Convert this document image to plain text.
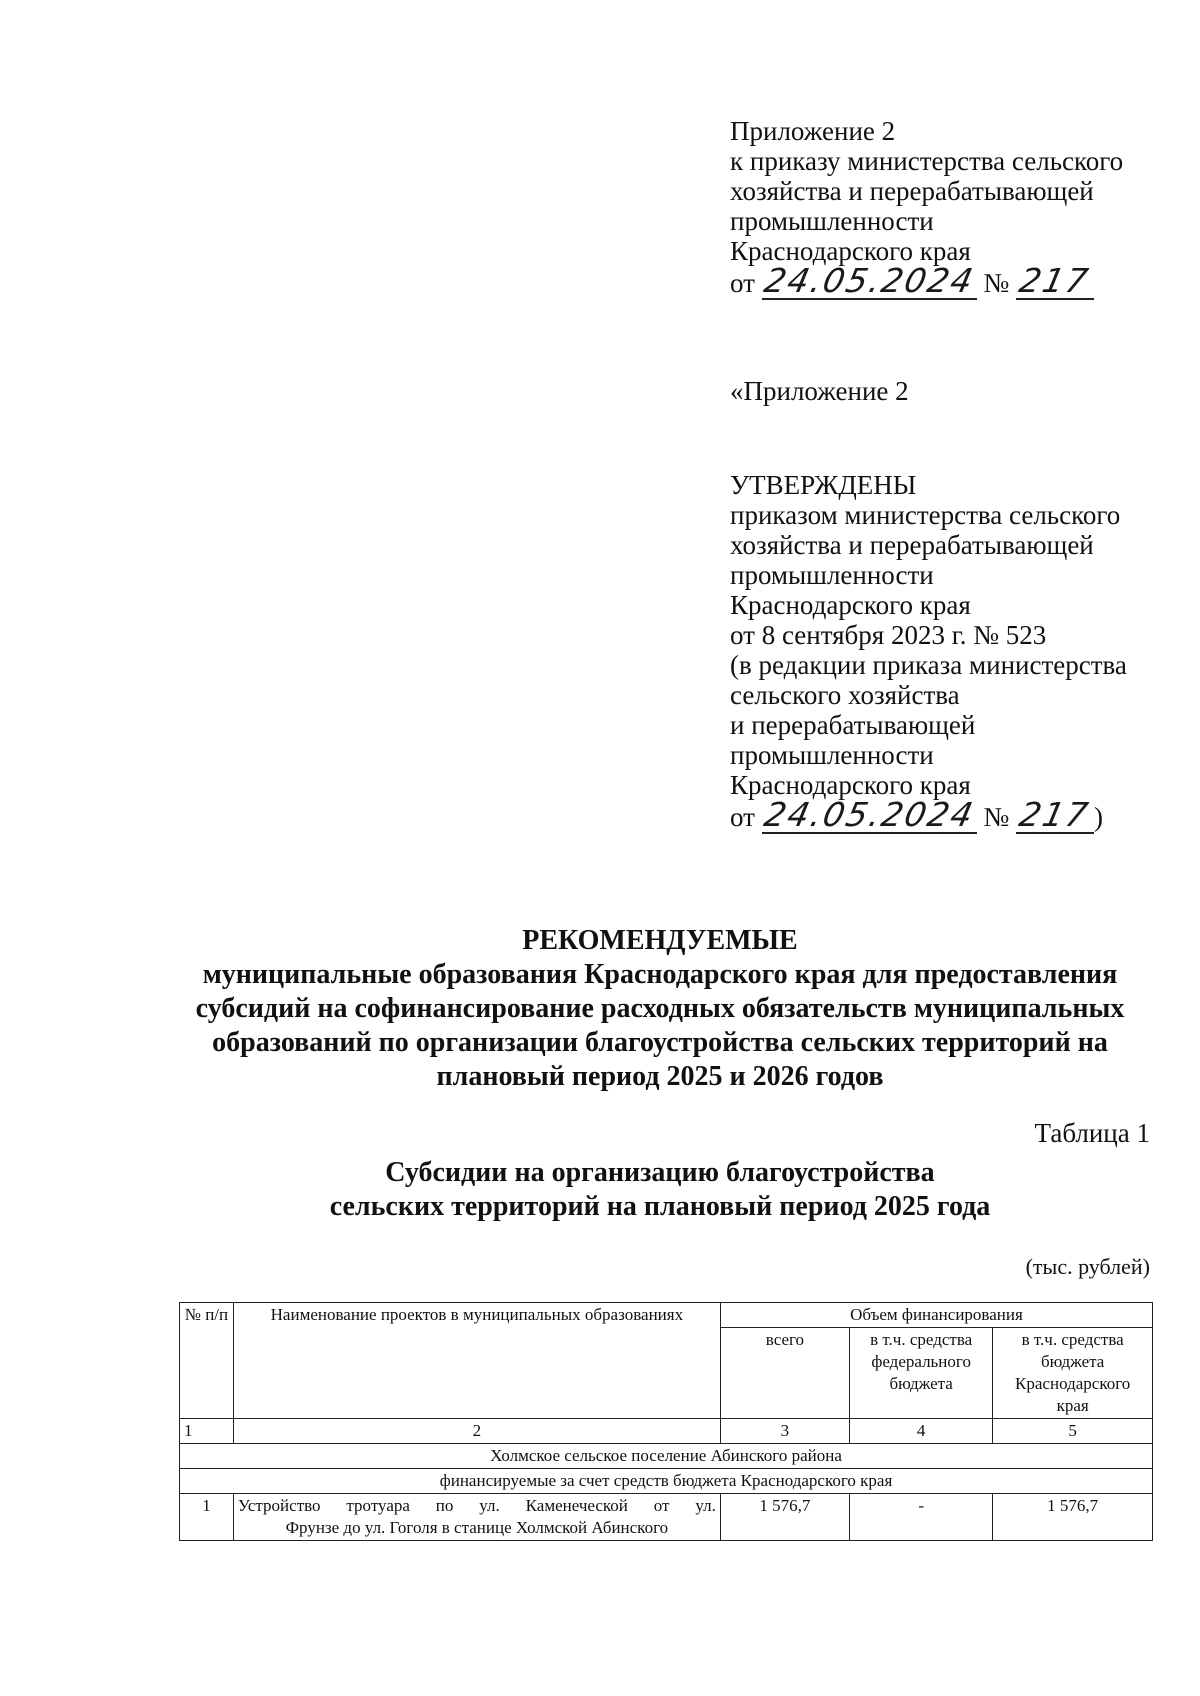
Приложение 2

к приказу министерства сельского

хозяйства и перерабатывающей

промышленности

Краснодарского края

от 24.05.2024 № 217

«Приложение 2

УТВЕРЖДЕНЫ

приказом министерства сельского

хозяйства и перерабатывающей

промышленности

Краснодарского края

от 8 сентября 2023 г. № 523

(в редакции приказа министерства

сельского хозяйства

и перерабатывающей

промышленности

Краснодарского края

от 24.05.2024 № 217)

РЕКОМЕНДУЕМЫЕ
муниципальные образования Краснодарского края для предоставления
субсидий на софинансирование расходных обязательств муниципальных
образований по организации благоустройства сельских территорий на
плановый период 2025 и 2026 годов
Таблица 1
Субсидии на организацию благоустройства
сельских территорий на плановый период 2025 года
(тыс. рублей)
№ п/п	Наименование проектов в муниципальных образованиях	Объем финансирования		
		всего	в т.ч. средства федерального бюджета	в т.ч. средства бюджета Краснодарского края
1	2	3	4	5
Холмское сельское поселение Абинского района				
финансируемые за счет средств бюджета Краснодарского края				
1	Устройство тротуара по ул. Каменеческой от ул.
Фрунзе до ул. Гоголя в станице Холмской Абинского	1 576,7	-	1 576,7
